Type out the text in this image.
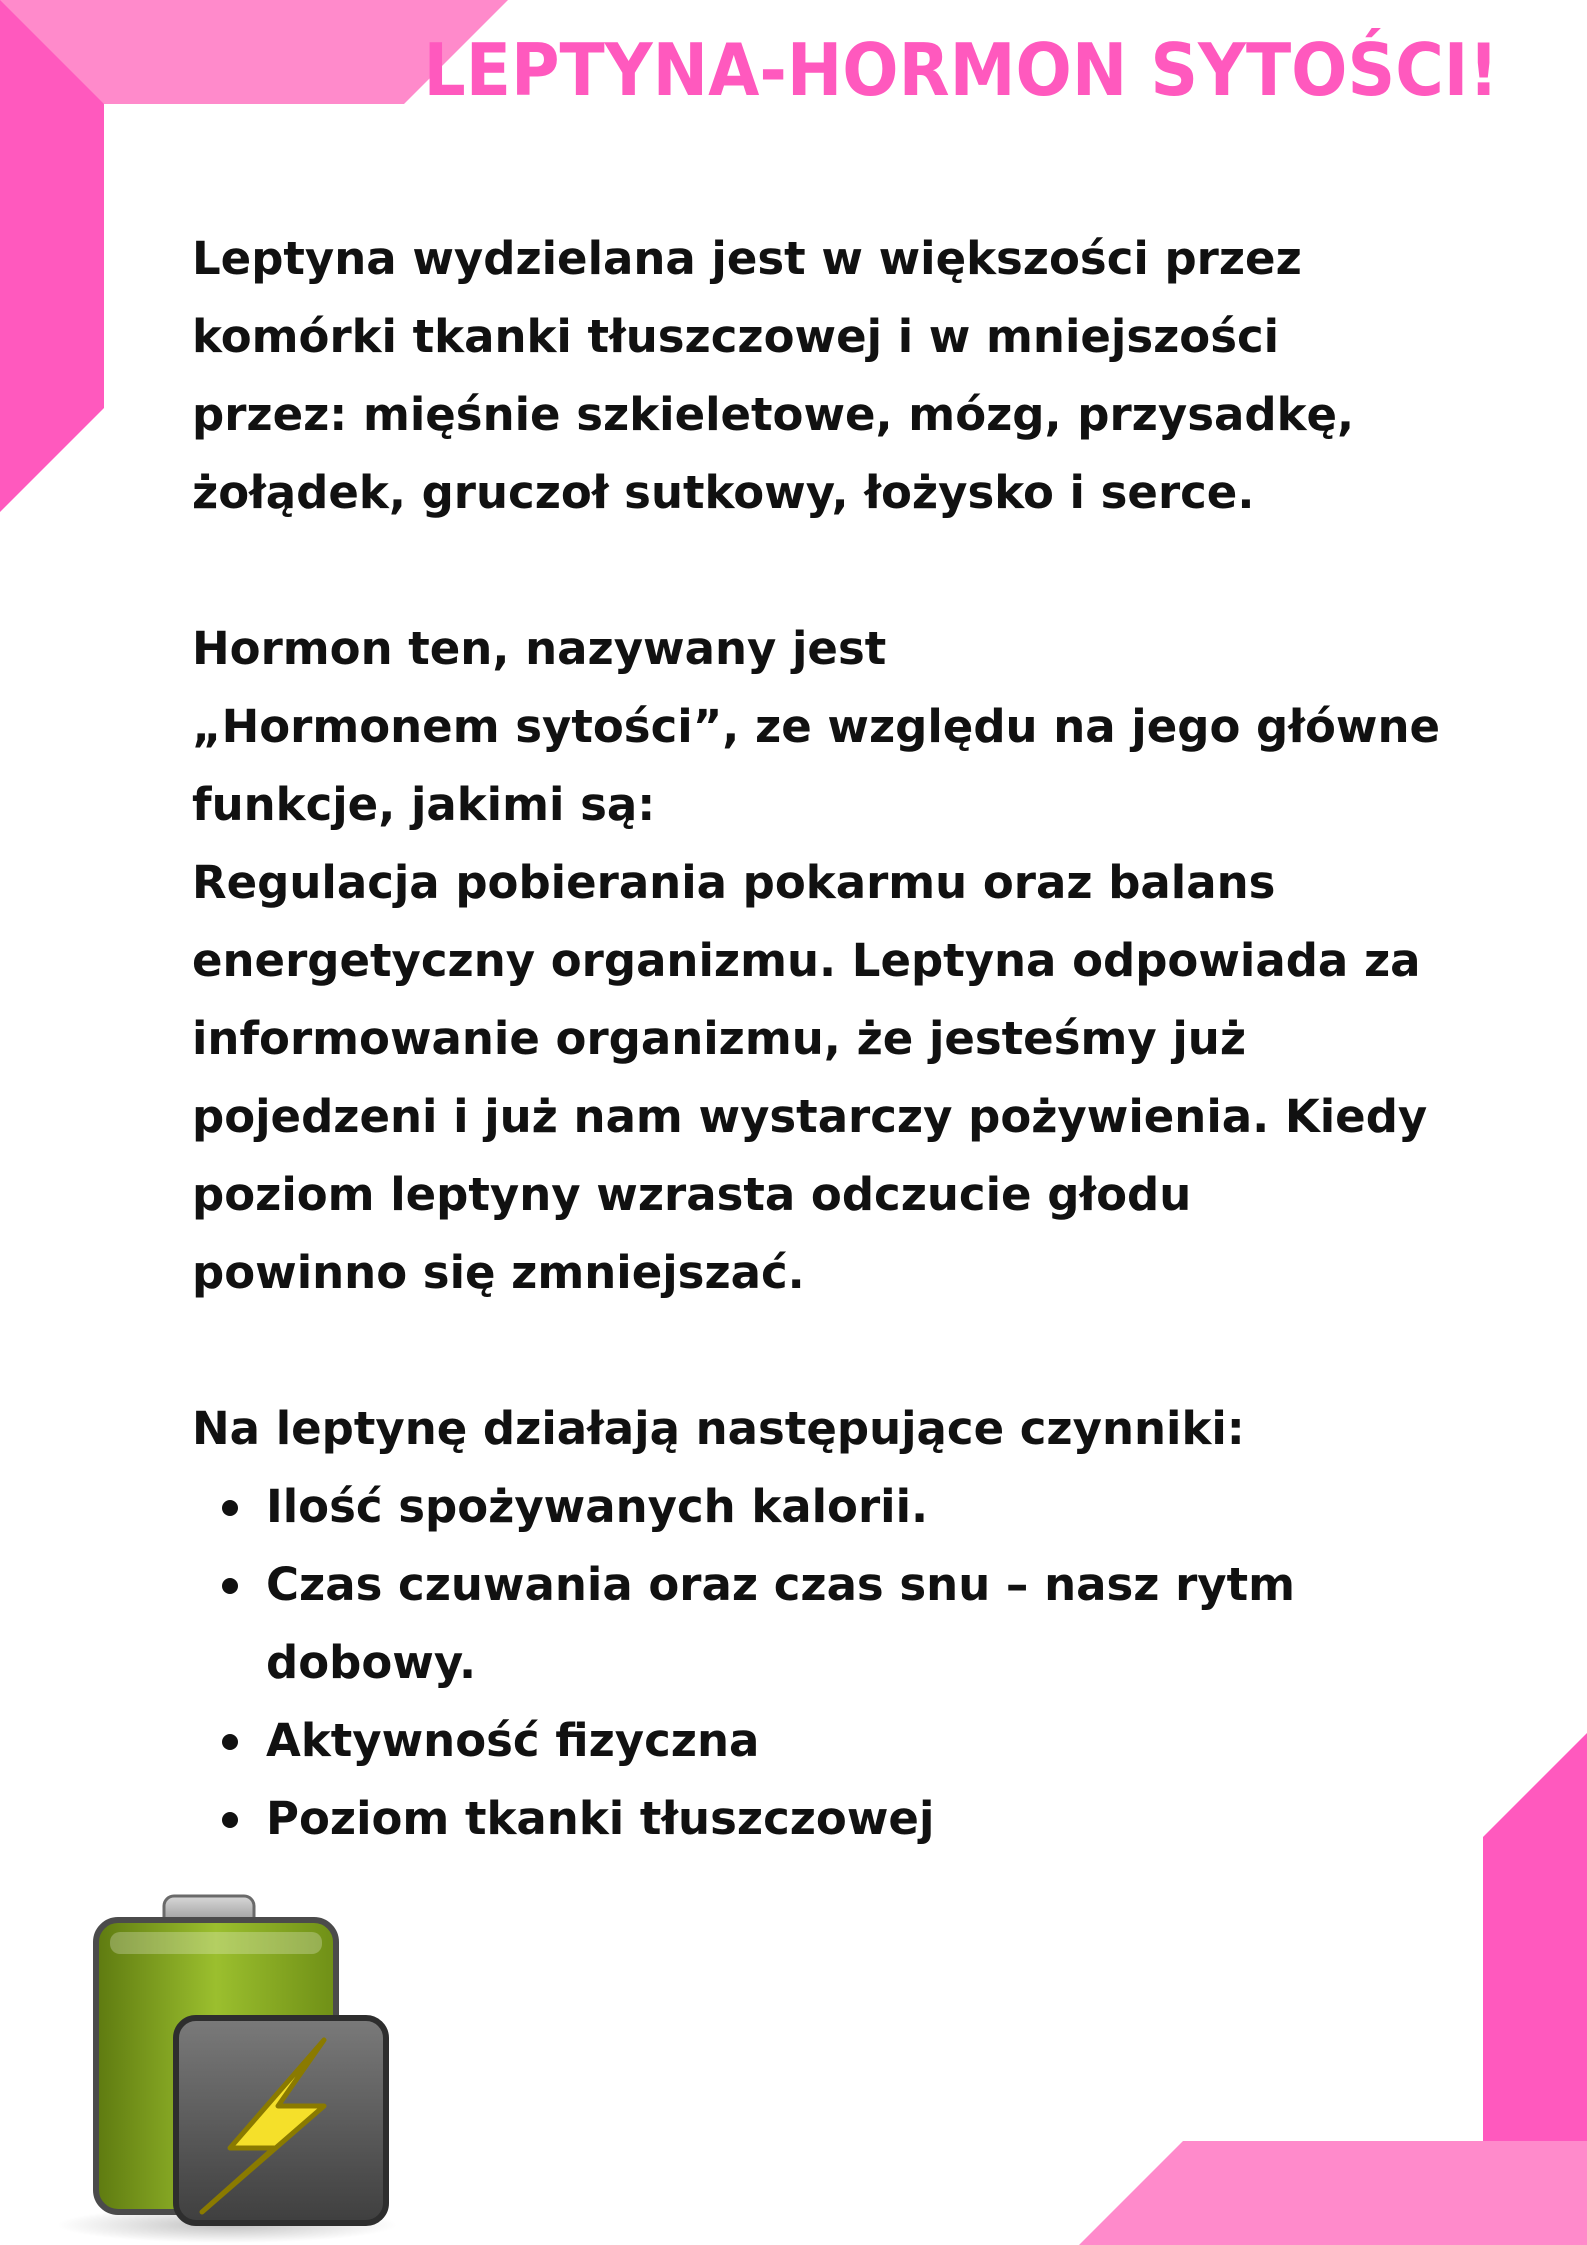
LEPTYNA-HORMON SYTOŚCI!

Leptyna wydzielana jest w większości przez

komórki tkanki tłuszczowej i w mniejszości

przez: mięśnie szkieletowe, mózg, przysadkę,

żołądek, gruczoł sutkowy, łożysko i serce.

Hormon ten, nazywany jest

„Hormonem sytości”, ze względu na jego główne

funkcje, jakimi są:

Regulacja pobierania pokarmu oraz balans

energetyczny organizmu. Leptyna odpowiada za

informowanie organizmu, że jesteśmy już

pojedzeni i już nam wystarczy pożywienia. Kiedy

poziom leptyny wzrasta odczucie głodu

powinno się zmniejszać.

Na leptynę działają następujące czynniki:

Ilość spożywanych kalorii.
Czas czuwania oraz czas snu – nasz rytm dobowy.
Aktywność fizyczna
Poziom tkanki tłuszczowej
